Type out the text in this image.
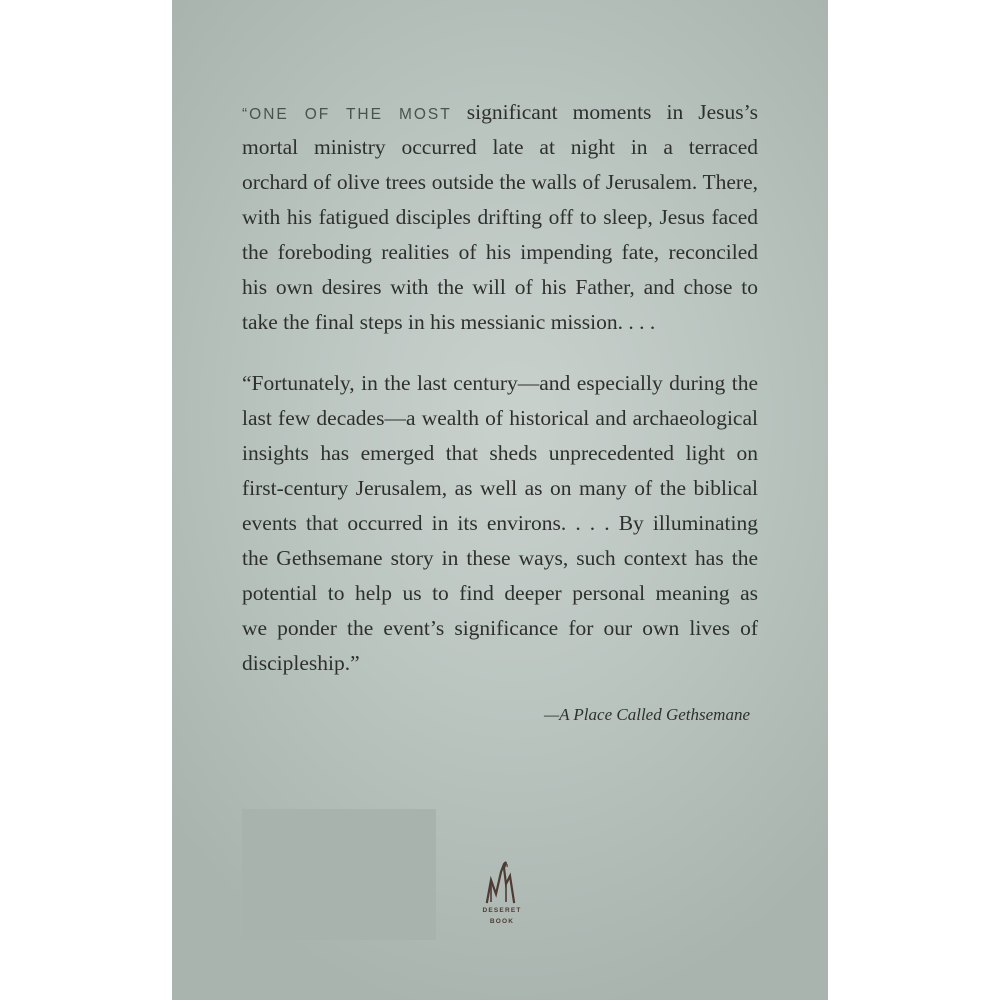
“ONE OF THE MOST significant moments in Jesus’s
mortal ministry occurred late at night in a terraced
orchard of olive trees outside the walls of Jerusalem. There,
with his fatigued disciples drifting off to sleep, Jesus faced
the foreboding realities of his impending fate, reconciled
his own desires with the will of his Father, and chose to
take the final steps in his messianic mission. . . .
“Fortunately, in the last century—and especially during the
last few decades—a wealth of historical and archaeological
insights has emerged that sheds unprecedented light on
first-century Jerusalem, as well as on many of the biblical
events that occurred in its environs. . . . By illuminating
the Gethsemane story in these ways, such context has the
potential to help us to find deeper personal meaning as
we ponder the event’s significance for our own lives of
discipleship.”
—A Place Called Gethsemane
DESERET
BOOK
